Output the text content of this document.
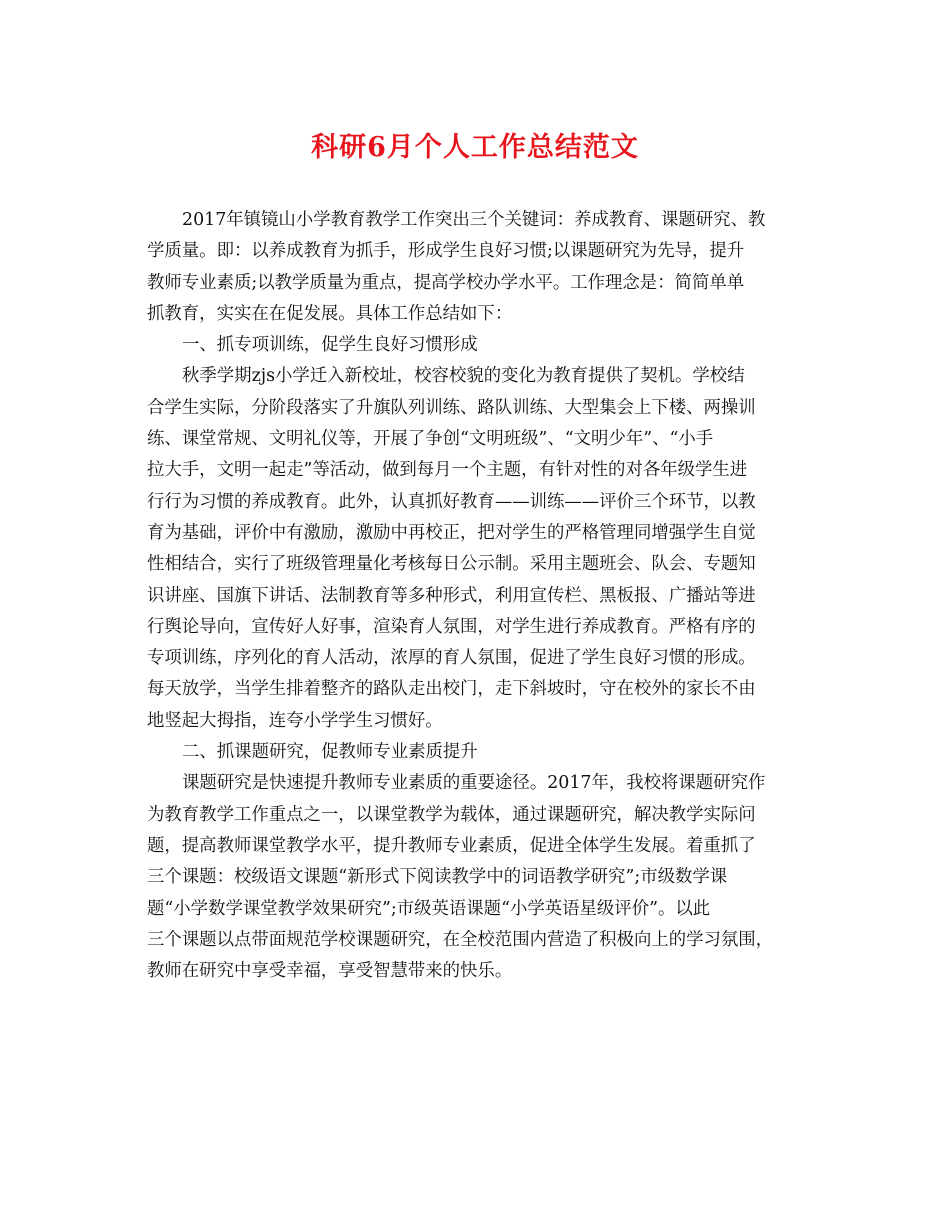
科研6月个人工作总结范文
2017年镇镜山小学教育教学工作突出三个关键词：养成教育、课题研究、教
学质量。即：以养成教育为抓手，形成学生良好习惯;以课题研究为先导，提升
教师专业素质;以教学质量为重点，提高学校办学水平。工作理念是：简简单单
抓教育，实实在在促发展。具体工作总结如下：
一、抓专项训练，促学生良好习惯形成
秋季学期zjs小学迁入新校址，校容校貌的变化为教育提供了契机。学校结
合学生实际，分阶段落实了升旗队列训练、路队训练、大型集会上下楼、两操训
练、课堂常规、文明礼仪等，开展了争创“文明班级”、“文明少年”、“小手
拉大手，文明一起走”等活动，做到每月一个主题，有针对性的对各年级学生进
行行为习惯的养成教育。此外，认真抓好教育——训练——评价三个环节，以教
育为基础，评价中有激励，激励中再校正，把对学生的严格管理同增强学生自觉
性相结合，实行了班级管理量化考核每日公示制。采用主题班会、队会、专题知
识讲座、国旗下讲话、法制教育等多种形式，利用宣传栏、黑板报、广播站等进
行舆论导向，宣传好人好事，渲染育人氛围，对学生进行养成教育。严格有序的
专项训练，序列化的育人活动，浓厚的育人氛围，促进了学生良好习惯的形成。
每天放学，当学生排着整齐的路队走出校门，走下斜坡时，守在校外的家长不由
地竖起大拇指，连夸小学学生习惯好。
二、抓课题研究，促教师专业素质提升
课题研究是快速提升教师专业素质的重要途径。2017年，我校将课题研究作
为教育教学工作重点之一，以课堂教学为载体，通过课题研究，解决教学实际问
题，提高教师课堂教学水平，提升教师专业素质，促进全体学生发展。着重抓了
三个课题：校级语文课题“新形式下阅读教学中的词语教学研究”;市级数学课
题“小学数学课堂教学效果研究”;市级英语课题“小学英语星级评价”。以此
三个课题以点带面规范学校课题研究，在全校范围内营造了积极向上的学习氛围，
教师在研究中享受幸福，享受智慧带来的快乐。
